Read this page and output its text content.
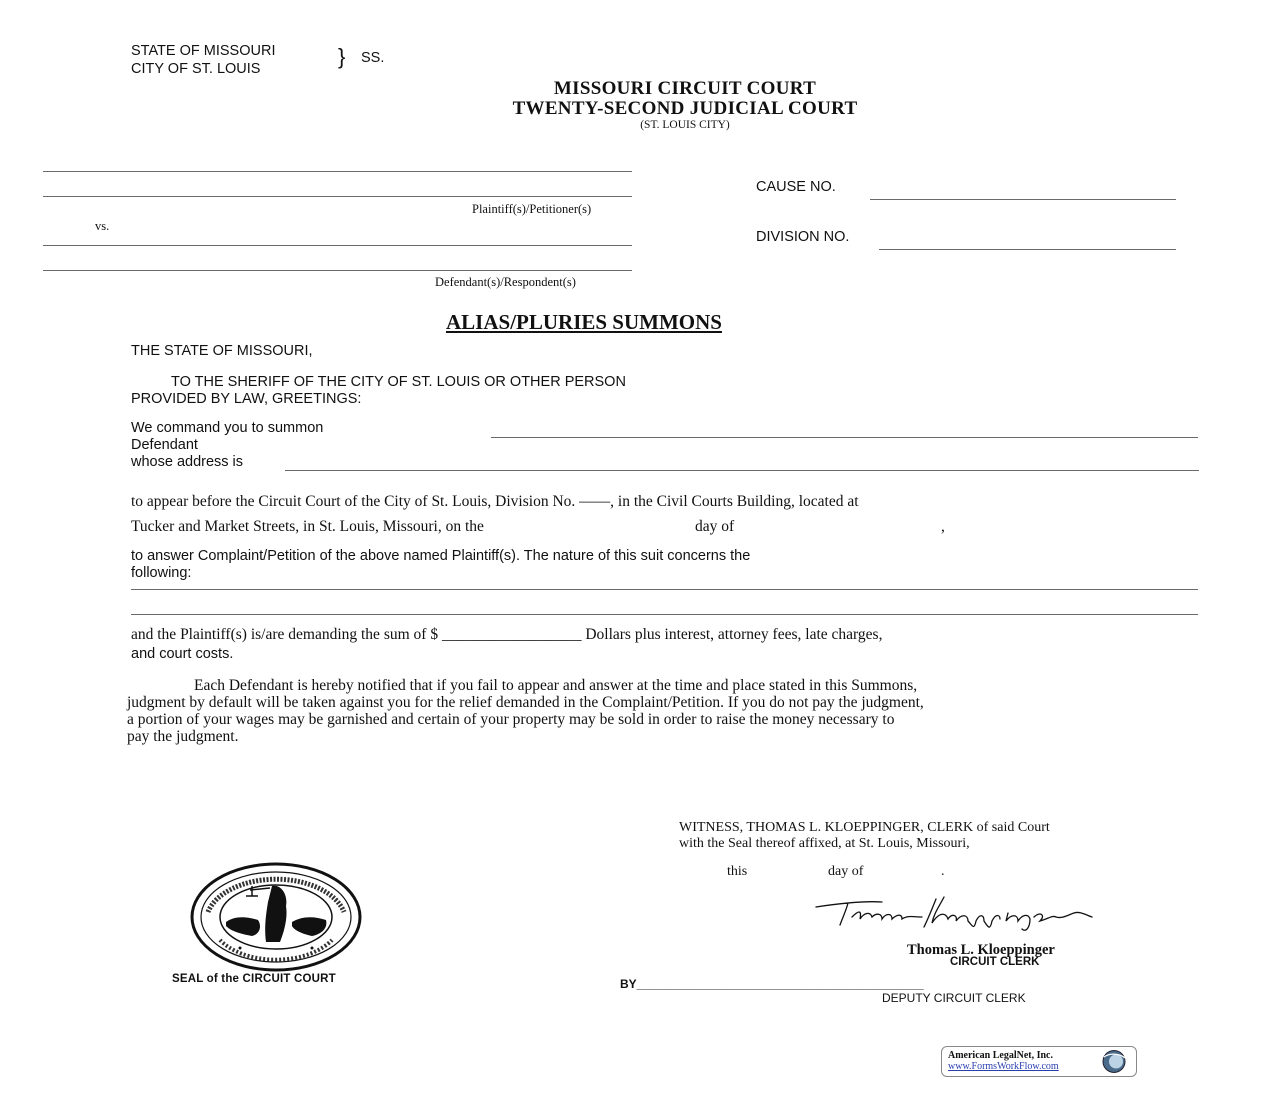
STATE OF MISSOURI
CITY OF ST. LOUIS	} SS.
MISSOURI CIRCUIT COURT
TWENTY-SECOND JUDICIAL COURT
(ST. LOUIS CITY)
Plaintiff(s)/Petitioner(s)
vs.
Defendant(s)/Respondent(s)
CAUSE NO.
DIVISION NO.
ALIAS/PLURIES SUMMONS
THE STATE OF MISSOURI,
TO THE SHERIFF OF THE CITY OF ST. LOUIS OR OTHER PERSON
PROVIDED BY LAW, GREETINGS:
We command you to summon
Defendant
whose address is
to appear before the Circuit Court of the City of St. Louis, Division No. ——, in the Civil Courts Building, located at
Tucker and Market Streets, in St. Louis, Missouri, on the	day of	,
to answer Complaint/Petition of the above named Plaintiff(s). The nature of this suit concerns the
following:
and the Plaintiff(s) is/are demanding the sum of $ __________________ Dollars plus interest, attorney fees, late charges,
and court costs.
Each Defendant is hereby notified that if you fail to appear and answer at the time and place stated in this Summons,
judgment by default will be taken against you for the relief demanded in the Complaint/Petition. If you do not pay the judgment,
a portion of your wages may be garnished and certain of your property may be sold in order to raise the money necessary to
pay the judgment.
WITNESS, THOMAS L. KLOEPPINGER, CLERK of said Court
with the Seal thereof affixed, at St. Louis, Missouri,
this	day of	.
Thomas L. Kloeppinger
CIRCUIT CLERK
BY___________________________________________
DEPUTY CIRCUIT CLERK
SEAL of the CIRCUIT COURT
American LegalNet, Inc.
www.FormsWorkFlow.com
